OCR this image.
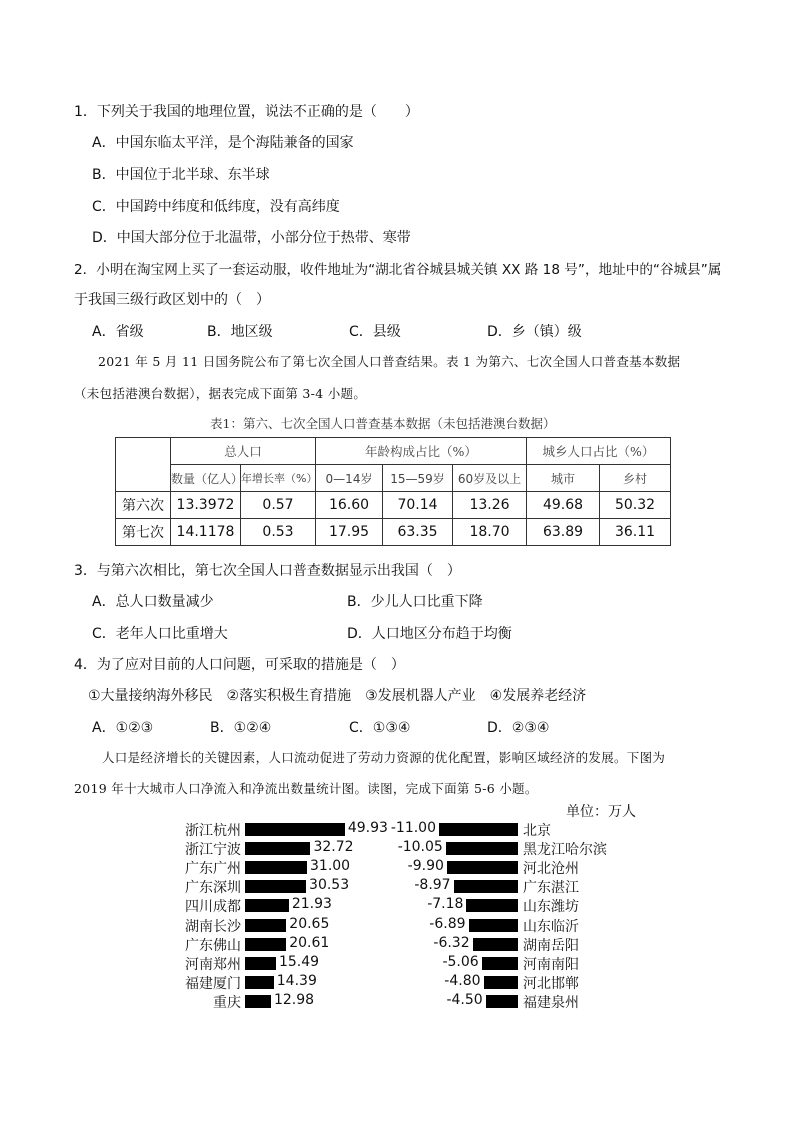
1．下列关于我国的地理位置，说法不正确的是（　　）
A．中国东临太平洋，是个海陆兼备的国家
B．中国位于北半球、东半球
C．中国跨中纬度和低纬度，没有高纬度
D．中国大部分位于北温带，小部分位于热带、寒带
2．小明在淘宝网上买了一套运动服，收件地址为“湖北省谷城县城关镇 XX 路 18 号”，地址中的“谷城县”属
于我国三级行政区划中的（　）
A．省级	B．地区级	C．县级	D．乡（镇）级
2021 年 5 月 11 日国务院公布了第七次全国人口普查结果。表 1 为第六、七次全国人口普查基本数据
（未包括港澳台数据），据表完成下面第 3-4 小题。
表1：第六、七次全国人口普查基本数据（未包括港澳台数据）
	总人口		年龄构成占比（%）			城乡人口占比（%）	
	数量（亿人）	年增长率（%）	0—14岁	15—59岁	60岁及以上	城市	乡村
第六次	13.3972	0.57	16.60	70.14	13.26	49.68	50.32
第七次	14.1178	0.53	17.95	63.35	18.70	63.89	36.11
3．与第六次相比，第七次全国人口普查数据显示出我国（　）
A．总人口数量减少	B．少儿人口比重下降
C．老年人口比重增大	D．人口地区分布趋于均衡
4．为了应对目前的人口问题，可采取的措施是（　）
①大量接纳海外移民　②落实积极生育措施　③发展机器人产业　④发展养老经济
A．①②③	B．①②④	C．①③④	D．②③④
人口是经济增长的关键因素，人口流动促进了劳动力资源的优化配置，影响区域经济的发展。下图为
2019 年十大城市人口净流入和净流出数量统计图。读图，完成下面第 5-6 小题。
单位：万人
浙江杭州	49.93
浙江宁波	32.72
广东广州	31.00
广东深圳	30.53
四川成都	21.93
湖南长沙	20.65
广东佛山	20.61
河南郑州	15.49
福建厦门	14.39
重庆 12.98
-11.00	北京
-10.05	黑龙江哈尔滨
-9.90	河北沧州
-8.97	广东湛江
-7.18	山东潍坊
-6.89	山东临沂
-6.32	湖南岳阳
-5.06	河南南阳
-4.80	河北邯郸
-4.50	福建泉州
